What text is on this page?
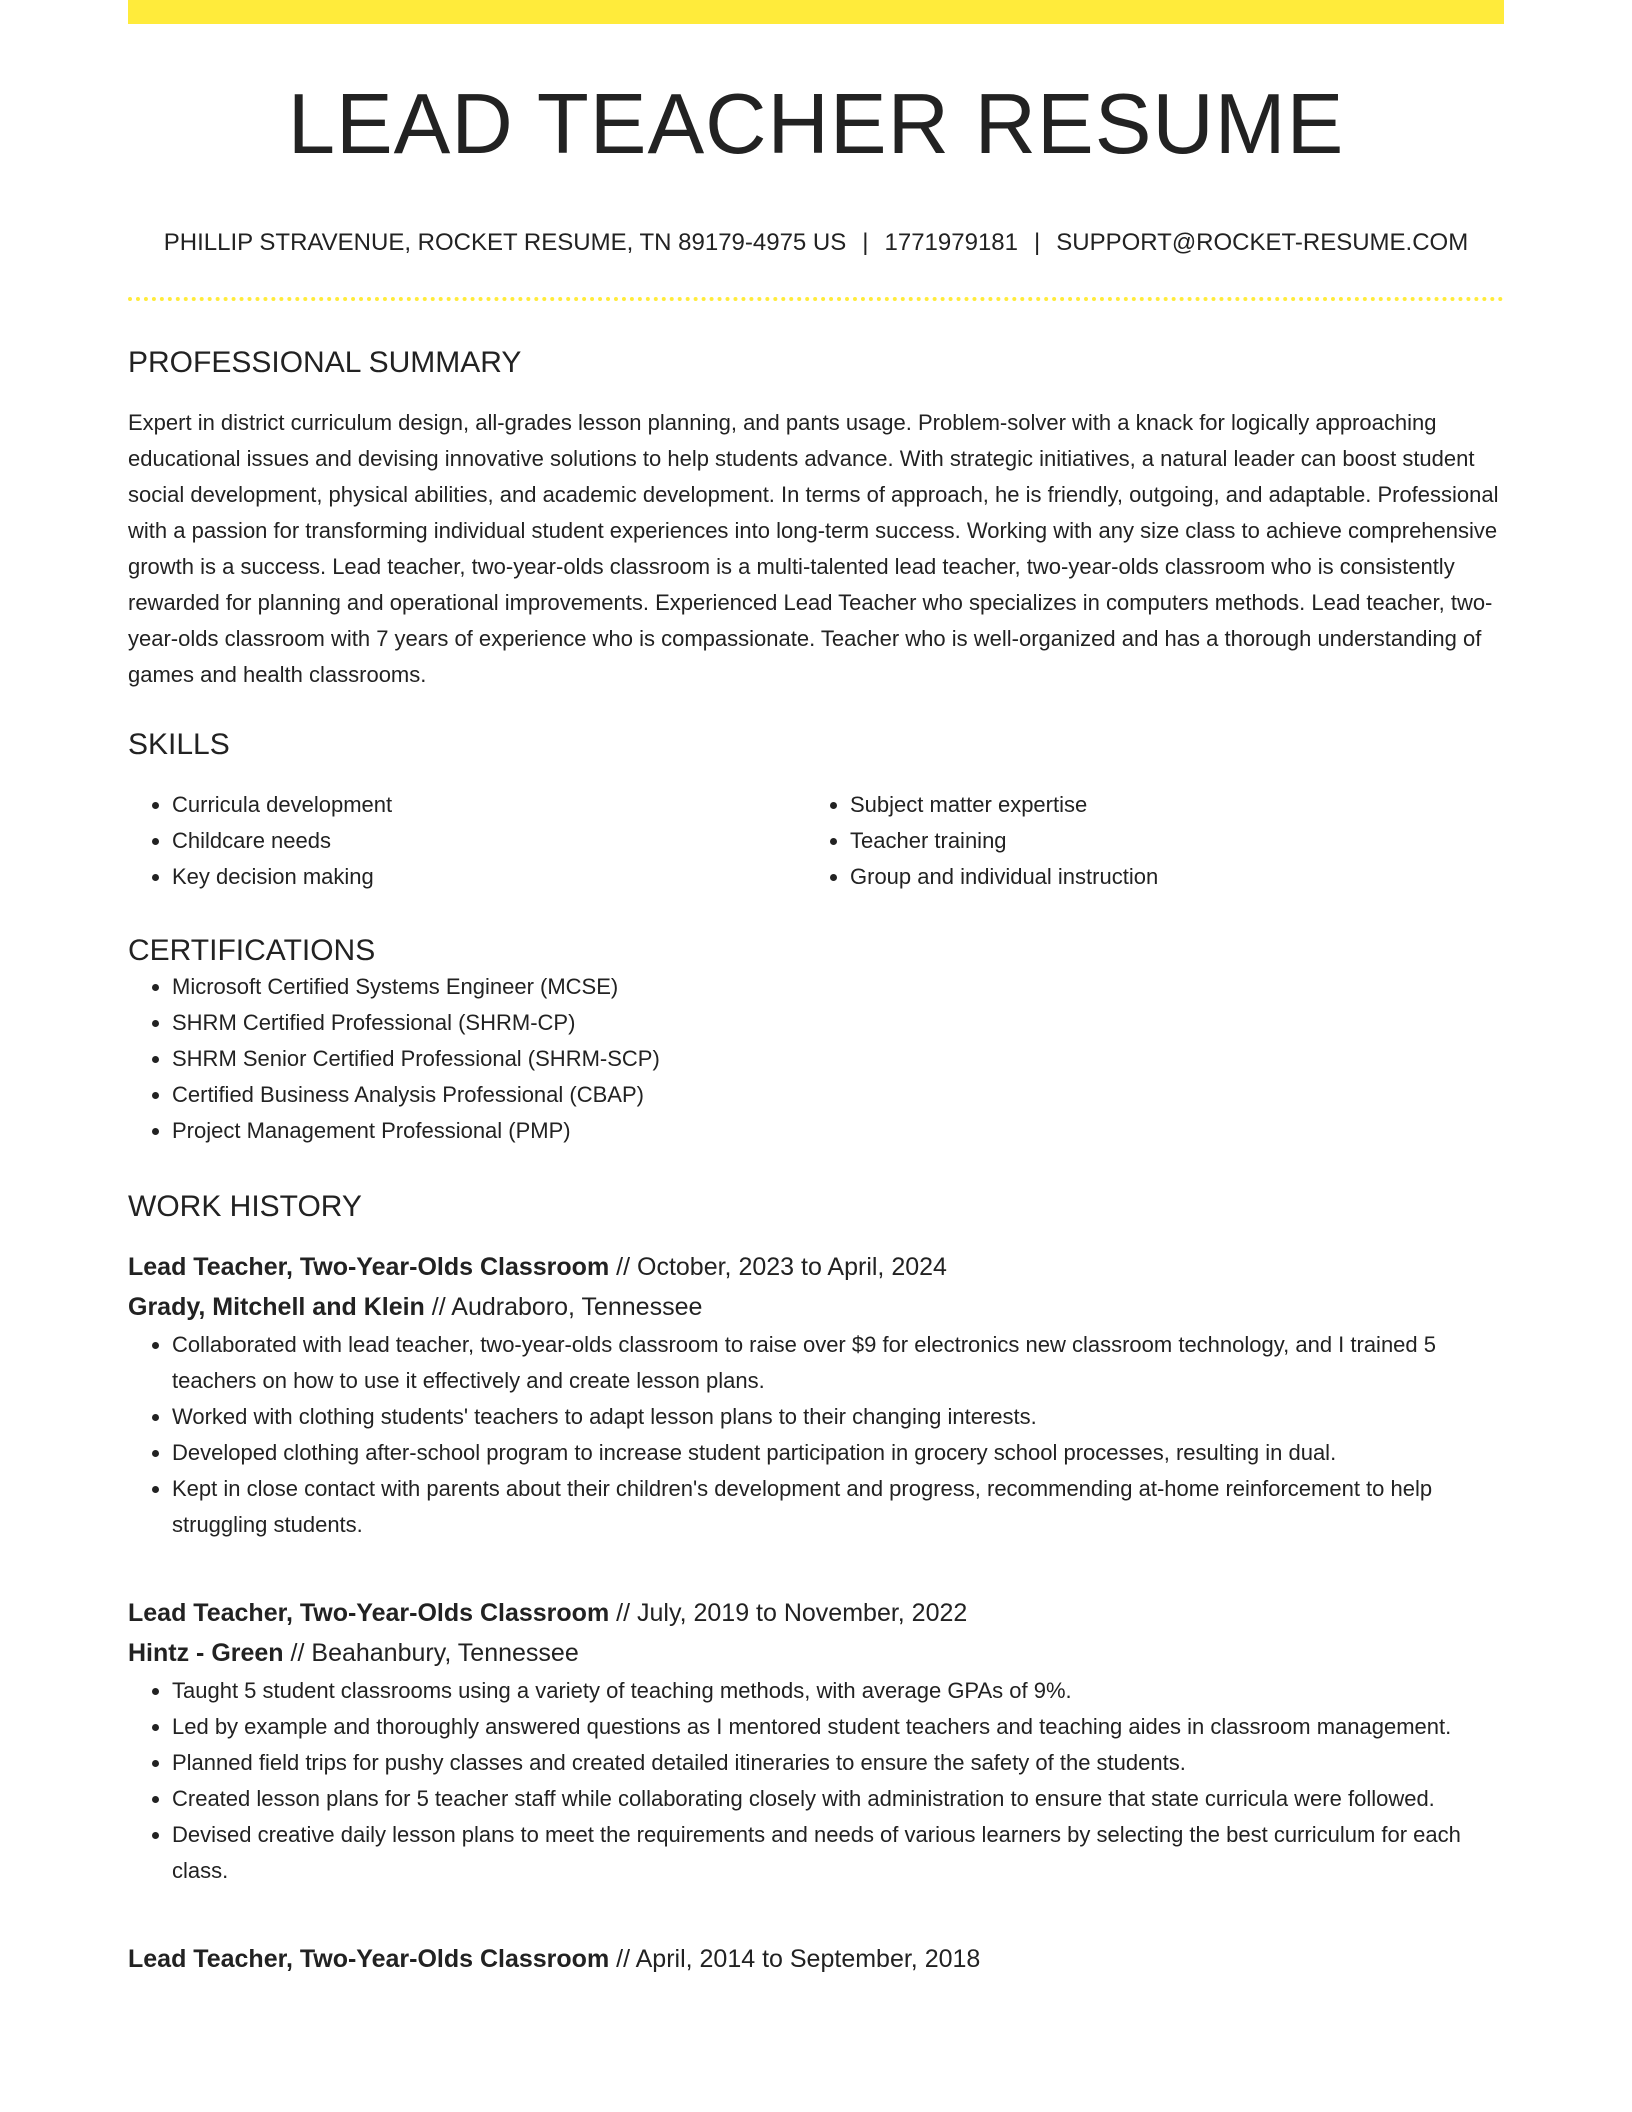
LEAD TEACHER RESUME
PHILLIP STRAVENUE, ROCKET RESUME, TN 89179-4975 US | 1771979181 | SUPPORT@ROCKET-RESUME.COM
PROFESSIONAL SUMMARY

Expert in district curriculum design, all-grades lesson planning, and pants usage. Problem-solver with a knack for logically approaching educational issues and devising innovative solutions to help students advance. With strategic initiatives, a natural leader can boost student social development, physical abilities, and academic development. In terms of approach, he is friendly, outgoing, and adaptable. Professional with a passion for transforming individual student experiences into long-term success. Working with any size class to achieve comprehensive growth is a success. Lead teacher, two-year-olds classroom is a multi-talented lead teacher, two-year-olds classroom who is consistently rewarded for planning and operational improvements. Experienced Lead Teacher who specializes in computers methods. Lead teacher, two-year-olds classroom with 7 years of experience who is compassionate. Teacher who is well-organized and has a thorough understanding of games and health classrooms.

SKILLS
• Curricula development
• Childcare needs
• Key decision making
• Subject matter expertise
• Teacher training
• Group and individual instruction
CERTIFICATIONS
• Microsoft Certified Systems Engineer (MCSE)
• SHRM Certified Professional (SHRM-CP)
• SHRM Senior Certified Professional (SHRM-SCP)
• Certified Business Analysis Professional (CBAP)
• Project Management Professional (PMP)
WORK HISTORY
Lead Teacher, Two-Year-Olds Classroom // October, 2023 to April, 2024
Grady, Mitchell and Klein // Audraboro, Tennessee
• Collaborated with lead teacher, two-year-olds classroom to raise over $9 for electronics new classroom technology, and I trained 5 teachers on how to use it effectively and create lesson plans.
• Worked with clothing students' teachers to adapt lesson plans to their changing interests.
• Developed clothing after-school program to increase student participation in grocery school processes, resulting in dual.
• Kept in close contact with parents about their children's development and progress, recommending at-home reinforcement to help struggling students.
Lead Teacher, Two-Year-Olds Classroom // July, 2019 to November, 2022
Hintz - Green // Beahanbury, Tennessee
• Taught 5 student classrooms using a variety of teaching methods, with average GPAs of 9%.
• Led by example and thoroughly answered questions as I mentored student teachers and teaching aides in classroom management.
• Planned field trips for pushy classes and created detailed itineraries to ensure the safety of the students.
• Created lesson plans for 5 teacher staff while collaborating closely with administration to ensure that state curricula were followed.
• Devised creative daily lesson plans to meet the requirements and needs of various learners by selecting the best curriculum for each class.
Lead Teacher, Two-Year-Olds Classroom // April, 2014 to September, 2018
